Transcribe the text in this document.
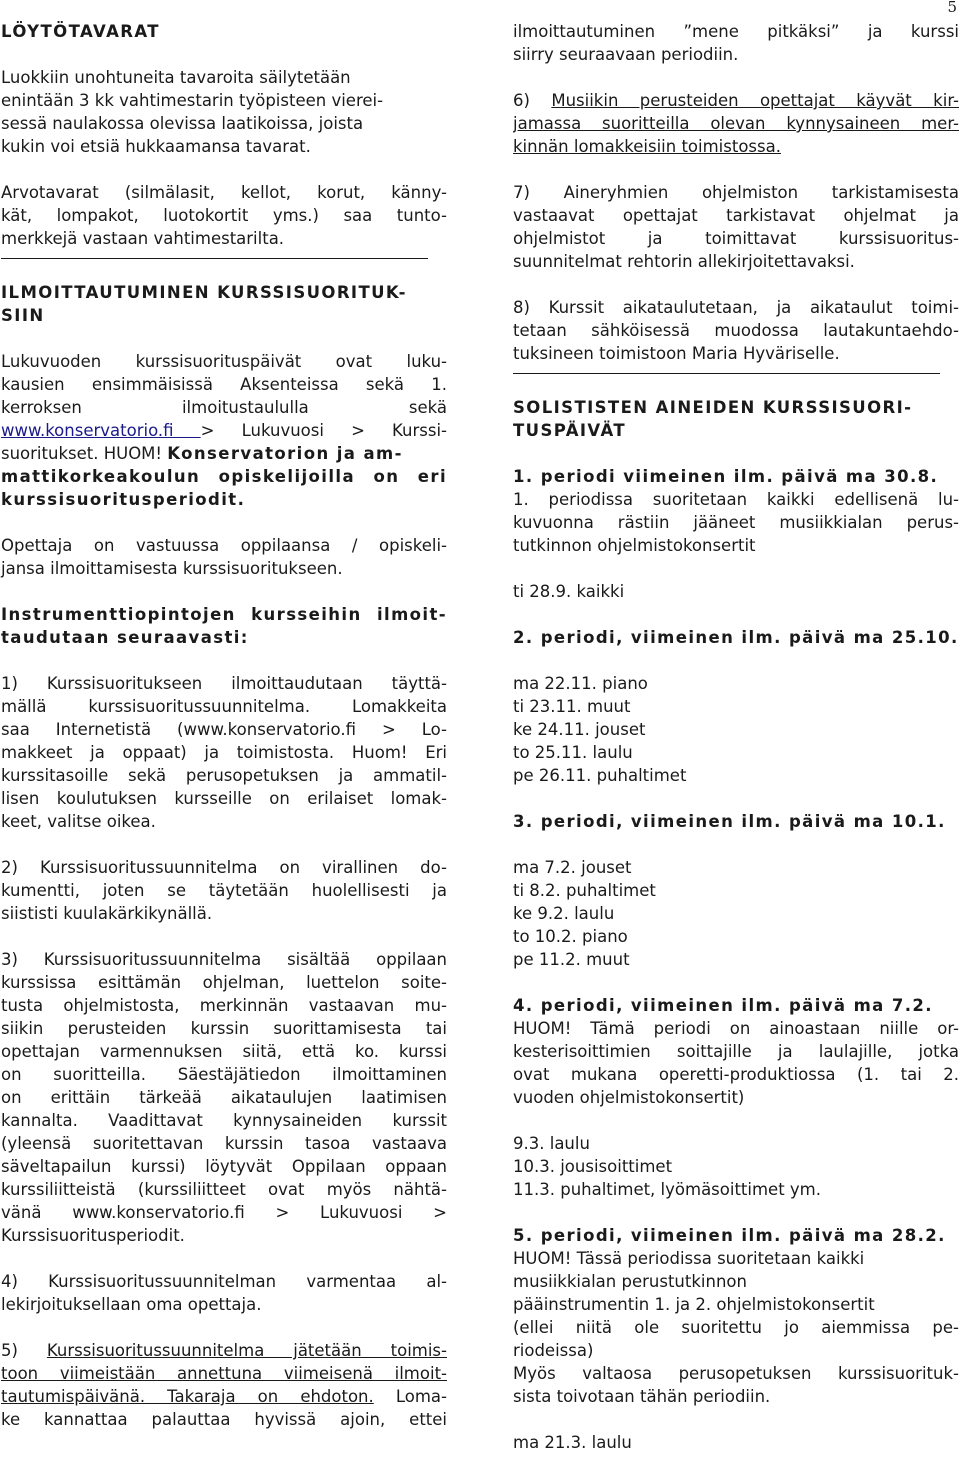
5
LÖYTÖTAVARAT
Luokkiin unohtuneita tavaroita säilytetään
enintään 3 kk vahtimestarin työpisteen vierei-
sessä naulakossa olevissa laatikoissa, joista
kukin voi etsiä hukkaamansa tavarat.
Arvotavarat (silmälasit, kellot, korut, känny-
kät, lompakot, luotokortit yms.) saa tunto-
merkkejä vastaan vahtimestarilta.
ILMOITTAUTUMINEN KURSSISUORITUK-
SIIN
Lukuvuoden kurssisuorituspäivät ovat luku-
kausien ensimmäisissä Aksenteissa sekä 1.
kerroksen ilmoitustaululla sekä
www.konservatorio.fi > Lukuvuosi > Kurssi-
suoritukset. HUOM! Konservatorion ja am-
mattikorkeakoulun opiskelijoilla on eri
kurssisuoritusperiodit.
Opettaja on vastuussa oppilaansa / opiskeli-
jansa ilmoittamisesta kurssisuoritukseen.
Instrumenttiopintojen kursseihin ilmoit-
taudutaan seuraavasti:
1) Kurssisuoritukseen ilmoittaudutaan täyttä-
mällä kurssisuoritussuunnitelma. Lomakkeita
saa Internetistä (www.konservatorio.fi > Lo-
makkeet ja oppaat) ja toimistosta. Huom! Eri
kurssitasoille sekä perusopetuksen ja ammatil-
lisen koulutuksen kursseille on erilaiset lomak-
keet, valitse oikea.
2) Kurssisuoritussuunnitelma on virallinen do-
kumentti, joten se täytetään huolellisesti ja
siististi kuulakärkikynällä.
3) Kurssisuoritussuunnitelma sisältää oppilaan
kurssissa esittämän ohjelman, luettelon soite-
tusta ohjelmistosta, merkinnän vastaavan mu-
siikin perusteiden kurssin suorittamisesta tai
opettajan varmennuksen siitä, että ko. kurssi
on suoritteilla. Säestäjätiedon ilmoittaminen
on erittäin tärkeää aikataulujen laatimisen
kannalta. Vaadittavat kynnysaineiden kurssit
(yleensä suoritettavan kurssin tasoa vastaava
säveltapailun kurssi) löytyvät Oppilaan oppaan
kurssiliitteistä (kurssiliitteet ovat myös nähtä-
vänä www.konservatorio.fi > Lukuvuosi >
Kurssisuoritusperiodit.
4) Kurssisuoritussuunnitelman varmentaa al-
lekirjoituksellaan oma opettaja.
5) Kurssisuoritussuunnitelma jätetään toimis-
toon viimeistään annettuna viimeisenä ilmoit-
tautumispäivänä. Takaraja on ehdoton. Loma-
ke kannattaa palauttaa hyvissä ajoin, ettei
ilmoittautuminen ”mene pitkäksi” ja kurssi
siirry seuraavaan periodiin.
6) Musiikin perusteiden opettajat käyvät kir-
jamassa suoritteilla olevan kynnysaineen mer-
kinnän lomakkeisiin toimistossa.
7) Aineryhmien ohjelmiston tarkistamisesta
vastaavat opettajat tarkistavat ohjelmat ja
ohjelmistot ja toimittavat kurssisuoritus-
suunnitelmat rehtorin allekirjoitettavaksi.
8) Kurssit aikataulutetaan, ja aikataulut toimi-
tetaan sähköisessä muodossa lautakuntaehdo-
tuksineen toimistoon Maria Hyväriselle.
SOLISTISTEN AINEIDEN KURSSISUORI-
TUSPÄIVÄT
1. periodi viimeinen ilm. päivä ma 30.8.
1. periodissa suoritetaan kaikki edellisenä lu-
kuvuonna rästiin jääneet musiikkialan perus-
tutkinnon ohjelmistokonsertit
ti 28.9. kaikki
2. periodi, viimeinen ilm. päivä ma 25.10.
ma 22.11. piano
ti 23.11. muut
ke 24.11. jouset
to 25.11. laulu
pe 26.11. puhaltimet
3. periodi, viimeinen ilm. päivä ma 10.1.
ma 7.2. jouset
ti 8.2. puhaltimet
ke 9.2. laulu
to 10.2. piano
pe 11.2. muut
4. periodi, viimeinen ilm. päivä ma 7.2.
HUOM! Tämä periodi on ainoastaan niille or-
kesterisoittimien soittajille ja laulajille, jotka
ovat mukana operetti-produktiossa (1. tai 2.
vuoden ohjelmistokonsertit)
9.3. laulu
10.3. jousisoittimet
11.3. puhaltimet, lyömäsoittimet ym.
5. periodi, viimeinen ilm. päivä ma 28.2.
HUOM! Tässä periodissa suoritetaan kaikki
musiikkialan perustutkinnon
pääinstrumentin 1. ja 2. ohjelmistokonsertit
(ellei niitä ole suoritettu jo aiemmissa pe-
riodeissa)
Myös valtaosa perusopetuksen kurssisuorituk-
sista toivotaan tähän periodiin.
ma 21.3. laulu
